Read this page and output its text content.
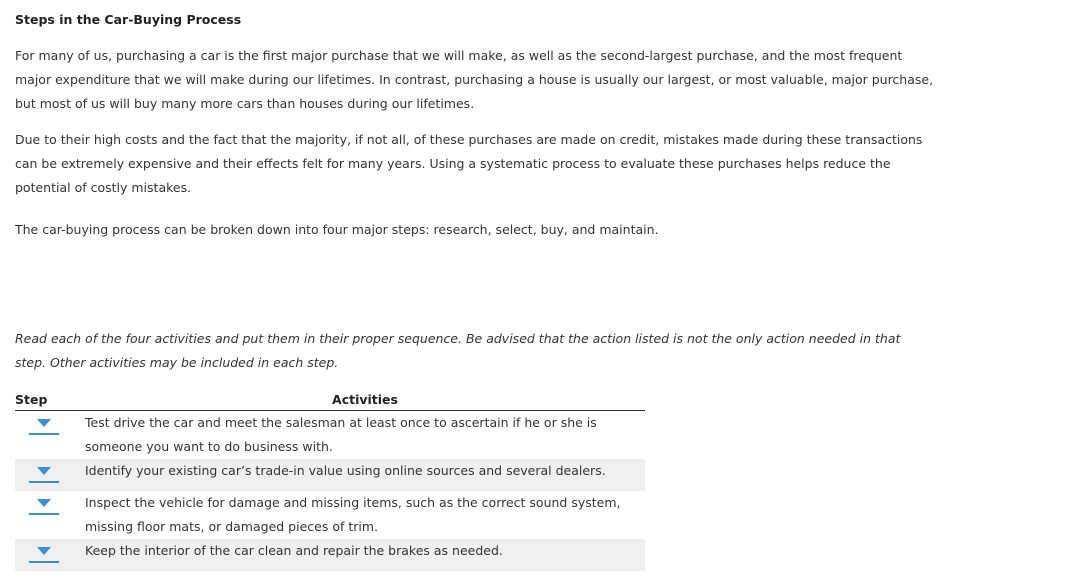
Steps in the Car-Buying Process

For many of us, purchasing a car is the first major purchase that we will make, as well as the second-largest purchase, and the most frequent major expenditure that we will make during our lifetimes. In contrast, purchasing a house is usually our largest, or most valuable, major purchase, but most of us will buy many more cars than houses during our lifetimes.

Due to their high costs and the fact that the majority, if not all, of these purchases are made on credit, mistakes made during these transactions can be extremely expensive and their effects felt for many years. Using a systematic process to evaluate these purchases helps reduce the potential of costly mistakes.

The car-buying process can be broken down into four major steps: research, select, buy, and maintain.

Read each of the four activities and put them in their proper sequence. Be advised that the action listed is not the only action needed in that step. Other activities may be included in each step.

Step	Activities

	Test drive the car and meet the salesman at least once to ascertain if he or she is someone you want to do business with.

	Identify your existing car’s trade-in value using online sources and several dealers.

	Inspect the vehicle for damage and missing items, such as the correct sound system, missing floor mats, or damaged pieces of trim.

	Keep the interior of the car clean and repair the brakes as needed.
